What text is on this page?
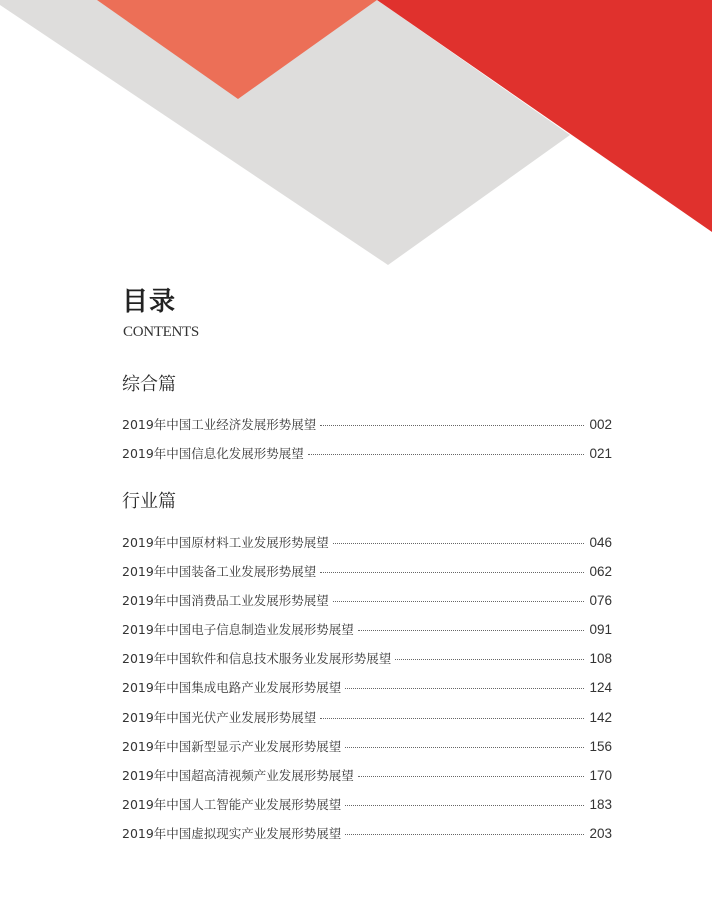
目录
CONTENTS
综合篇
2019年中国工业经济发展形势展望	002
2019年中国信息化发展形势展望	021
行业篇
2019年中国原材料工业发展形势展望	046
2019年中国装备工业发展形势展望	062
2019年中国消费品工业发展形势展望	076
2019年中国电子信息制造业发展形势展望	091
2019年中国软件和信息技术服务业发展形势展望	108
2019年中国集成电路产业发展形势展望	124
2019年中国光伏产业发展形势展望	142
2019年中国新型显示产业发展形势展望	156
2019年中国超高清视频产业发展形势展望	170
2019年中国人工智能产业发展形势展望	183
2019年中国虚拟现实产业发展形势展望	203
